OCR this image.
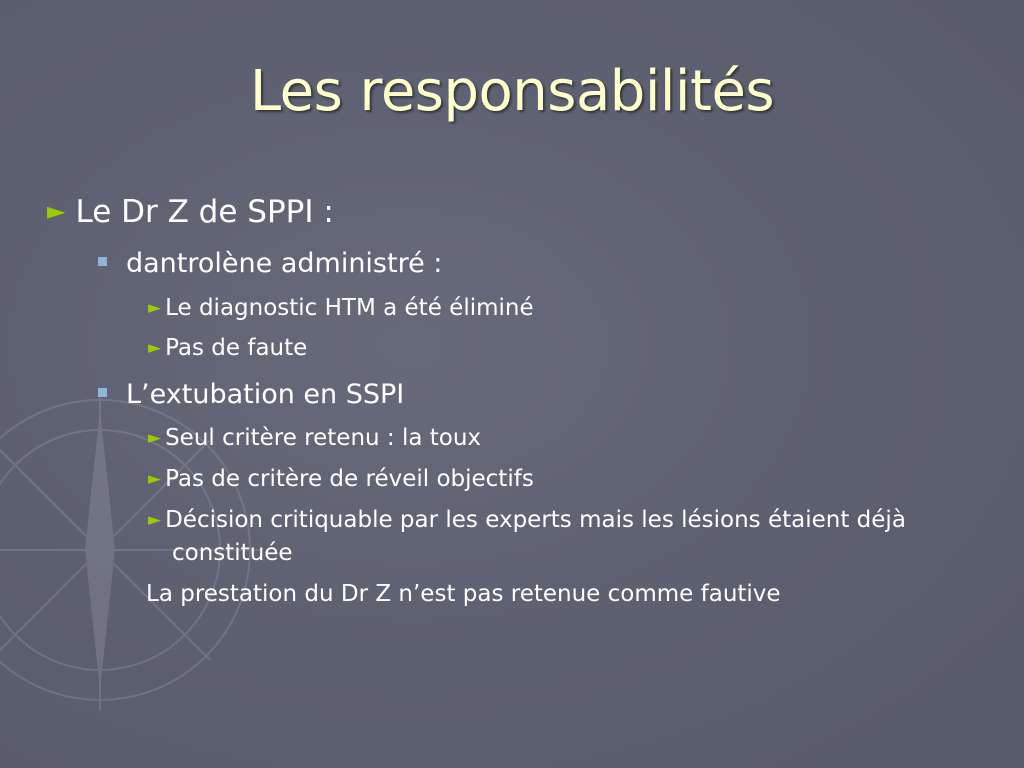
Les responsabilités
► Le Dr Z de SPPI :
dantrolène administré :
► Le diagnostic HTM a été éliminé
► Pas de faute
L’extubation en SSPI
► Seul critère retenu : la toux
► Pas de critère de réveil objectifs
► Décision critiquable par les experts mais les lésions étaient déjà
constituée
La prestation du Dr Z n’est pas retenue comme fautive
